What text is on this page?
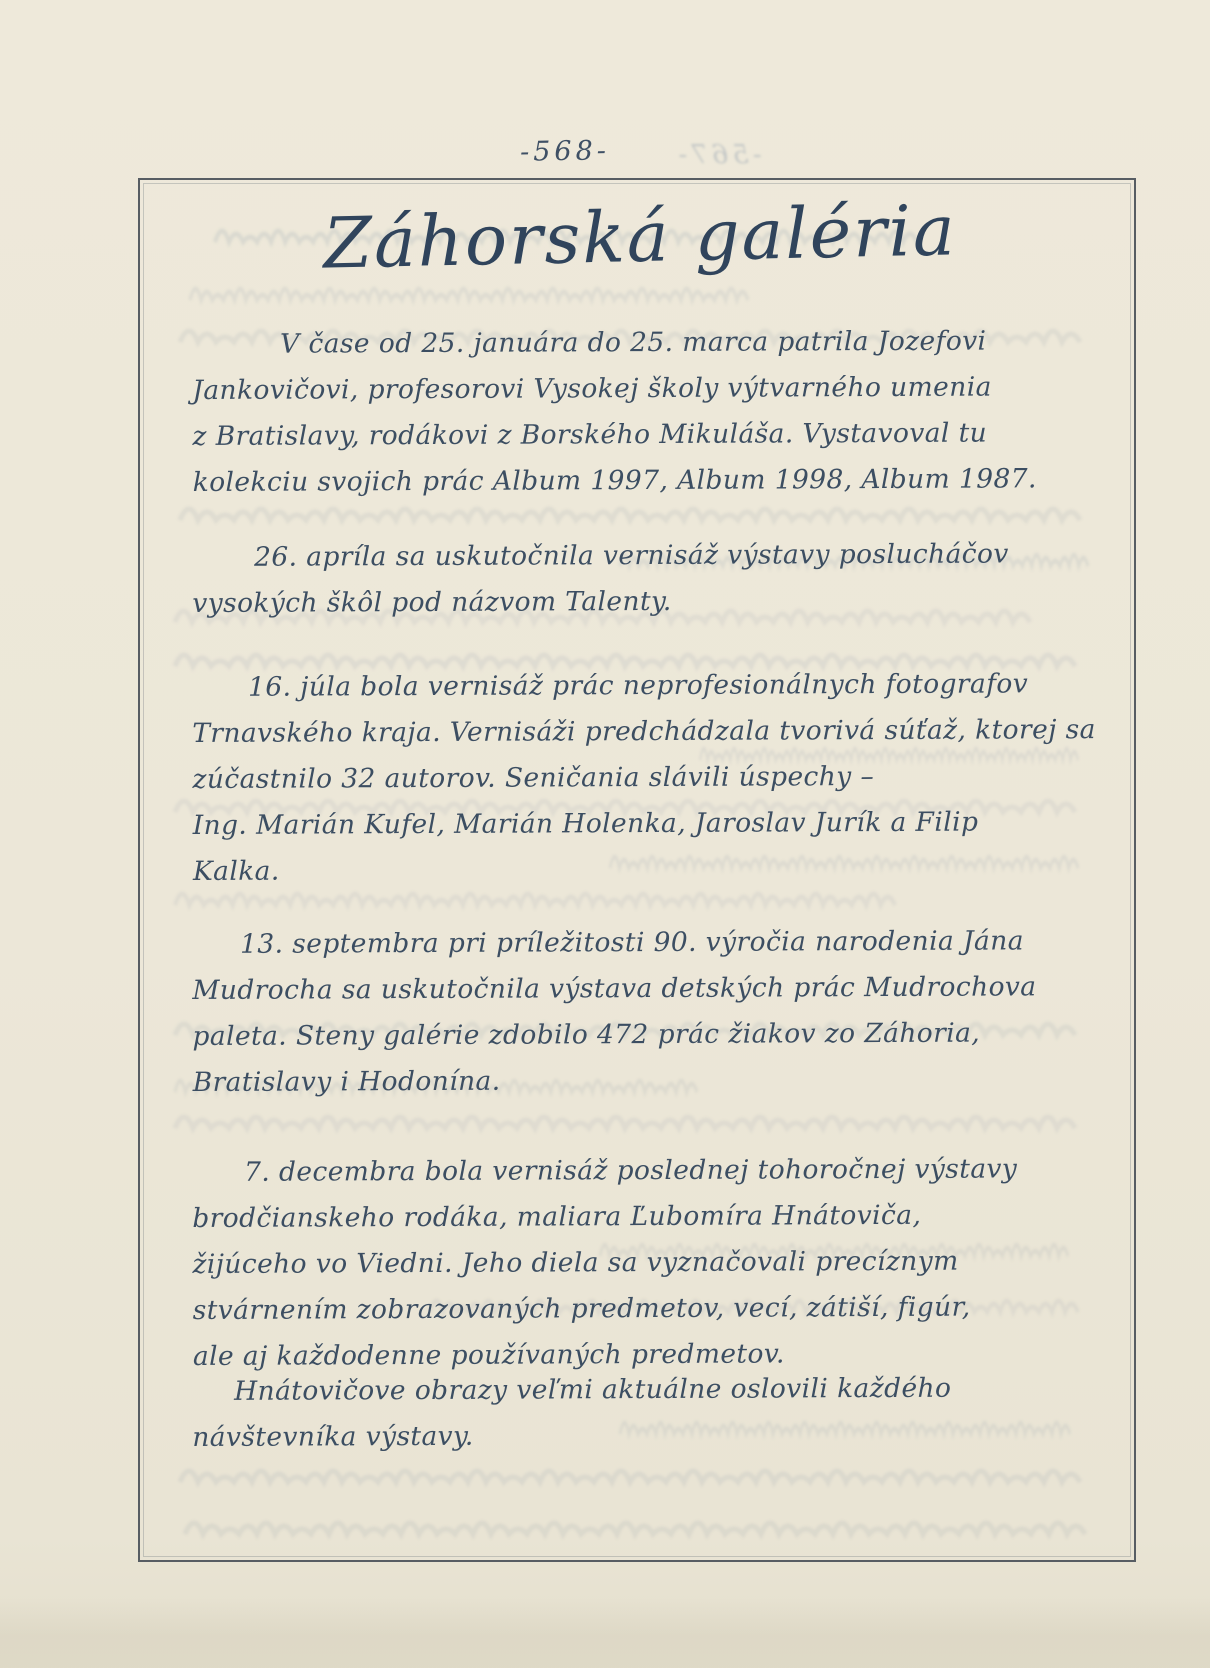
-568- -567-
Záhorská galéria
V čase od 25. januára do 25. marca patrila Jozefovi
Jankovičovi, profesorovi Vysokej školy výtvarného umenia
z Bratislavy, rodákovi z Borského Mikuláša. Vystavoval tu
kolekciu svojich prác Album 1997, Album 1998, Album 1987.
26. apríla sa uskutočnila vernisáž výstavy poslucháčov
vysokých škôl pod názvom Talenty.
16. júla bola vernisáž prác neprofesionálnych fotografov
Trnavského kraja. Vernisáži predchádzala tvorivá súťaž, ktorej sa
zúčastnilo 32 autorov. Seničania slávili úspechy –
Ing. Marián Kufel, Marián Holenka, Jaroslav Jurík a Filip
Kalka.
13. septembra pri príležitosti 90. výročia narodenia Jána
Mudrocha sa uskutočnila výstava detských prác Mudrochova
paleta. Steny galérie zdobilo 472 prác žiakov zo Záhoria,
Bratislavy i Hodonína.
7. decembra bola vernisáž poslednej tohoročnej výstavy
brodčianskeho rodáka, maliara Ľubomíra Hnátoviča,
žijúceho vo Viedni. Jeho diela sa vyznačovali precíznym
stvárnením zobrazovaných predmetov, vecí, zátiší, figúr,
ale aj každodenne používaných predmetov.
Hnátovičove obrazy veľmi aktuálne oslovili každého
návštevníka výstavy.
